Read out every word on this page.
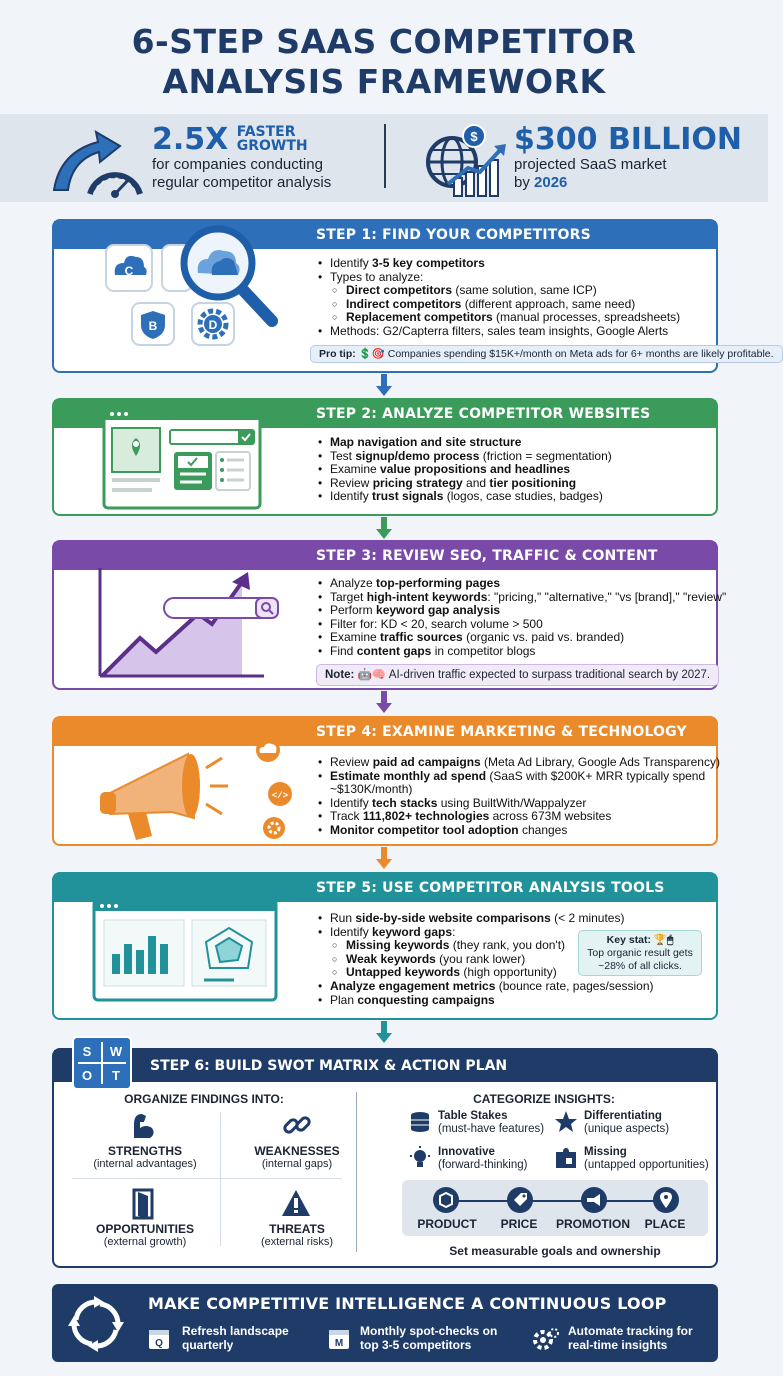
6-STEP SAAS COMPETITOR
ANALYSIS FRAMEWORK
2.5X FASTER
GROWTH
for companies conducting
regular competitor analysis
$ $300 BILLION
projected SaaS market
by 2026
STEP 1: FIND YOUR COMPETITORS
C
B	D
• Identify 3-5 key competitors
• Types to analyze:
○ Direct competitors (same solution, same ICP)
○ Indirect competitors (different approach, same need)
○ Replacement competitors (manual processes, spreadsheets)
• Methods: G2/Capterra filters, sales team insights, Google Alerts
Pro tip: 💲🎯 Companies spending $15K+/month on Meta ads for 6+ months are likely profitable.
STEP 2: ANALYZE COMPETITOR WEBSITES
• Map navigation and site structure
• Test signup/demo process (friction = segmentation)
• Examine value propositions and headlines
• Review pricing strategy and tier positioning
• Identify trust signals (logos, case studies, badges)
STEP 3: REVIEW SEO, TRAFFIC & CONTENT
• Analyze top-performing pages
• Target high-intent keywords: "pricing," "alternative," "vs [brand]," "review"
• Perform keyword gap analysis
• Filter for: KD < 20, search volume > 500
• Examine traffic sources (organic vs. paid vs. branded)
• Find content gaps in competitor blogs
Note: 🤖🧠 AI-driven traffic expected to surpass traditional search by 2027.
STEP 4: EXAMINE MARKETING & TECHNOLOGY
</>
• Review paid ad campaigns (Meta Ad Library, Google Ads Transparency)
• Estimate monthly ad spend (SaaS with $200K+ MRR typically spend
~$130K/month)
• Identify tech stacks using BuiltWith/Wappalyzer
• Track 111,802+ technologies across 673M websites
• Monitor competitor tool adoption changes
STEP 5: USE COMPETITOR ANALYSIS TOOLS
• Run side-by-side website comparisons (< 2 minutes)
• Identify keyword gaps:
○ Missing keywords (they rank, you don't)
○ Weak keywords (you rank lower)
○ Untapped keywords (high opportunity)
• Analyze engagement metrics (bounce rate, pages/session)
• Plan conquesting campaigns
Key stat: 🏆🖱
Top organic result gets
~28% of all clicks.
STEP 6: BUILD SWOT MATRIX & ACTION PLAN
ORGANIZE FINDINGS INTO:	CATEGORIZE INSIGHTS:
STRENGTHS
(internal advantages)
WEAKNESSES
(internal gaps)
OPPORTUNITIES
(external growth)
THREATS
(external risks)
Table Stakes
(must-have features)
Differentiating
(unique aspects)
Innovative
(forward-thinking)
Missing
(untapped opportunities)
PRODUCT	PRICE	PROMOTION	PLACE
Set measurable goals and ownership
S W
O T
MAKE COMPETITIVE INTELLIGENCE A CONTINUOUS LOOP
Q
Refresh landscape
quarterly	M
Monthly spot-checks on
top 3-5 competitors
Automate tracking for
real-time insights
